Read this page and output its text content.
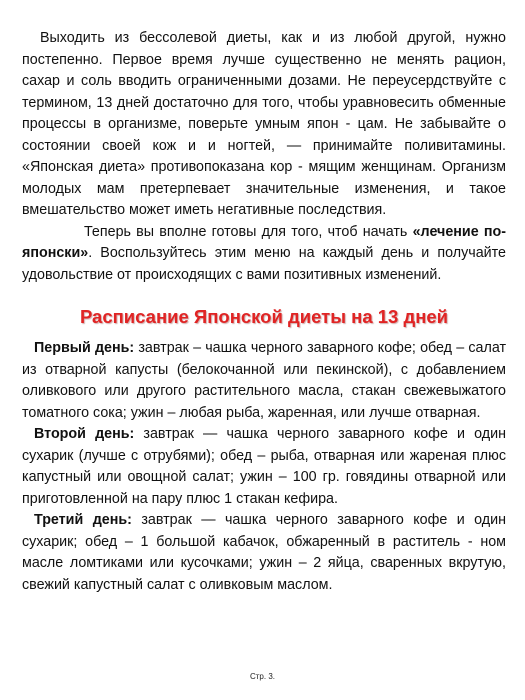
Выходить из бессолевой диеты, как и из любой другой, нужно постепенно. Первое время лучше существенно не менять рацион, сахар и соль вводить ограниченными дозами. Не переусердствуйте с термином, 13 дней достаточно для того, чтобы уравновесить обменные процессы в организме, поверьте умным япон - цам. Не забывайте о состоянии своей кож и и ногтей, — принимайте поливитамины. «Японская диета» противопоказана кор - мящим женщинам. Организм молодых мам претерпевает значительные изменения, и такое вмешательство может иметь негативные последствия.

Теперь вы вполне готовы для того, чтоб начать «лечение по-японски». Воспользуйтесь этим меню на каждый день и получайте удовольствие от происходящих с вами позитивных изменений.

Расписание Японской диеты на 13 дней

Первый день: завтрак – чашка черного заварного кофе; обед – салат из отварной капусты (белокочанной или пекинской), с добавлением оливкового или другого растительного масла, стакан свежевыжатого томатного сока; ужин – любая рыба, жаренная, или лучше отварная.

Второй день: завтрак — чашка черного заварного кофе и один сухарик (лучше с отрубями); обед – рыба, отварная или жареная плюс капустный или овощной салат; ужин – 100 гр. говядины отварной или приготовленной на пару плюс 1 стакан кефира.

Третий день: завтрак — чашка черного заварного кофе и один сухарик; обед – 1 большой кабачок, обжаренный в раститель - ном масле ломтиками или кусочками; ужин – 2 яйца, сваренных вкрутую, свежий капустный салат с оливковым маслом.

Стр. 3.
